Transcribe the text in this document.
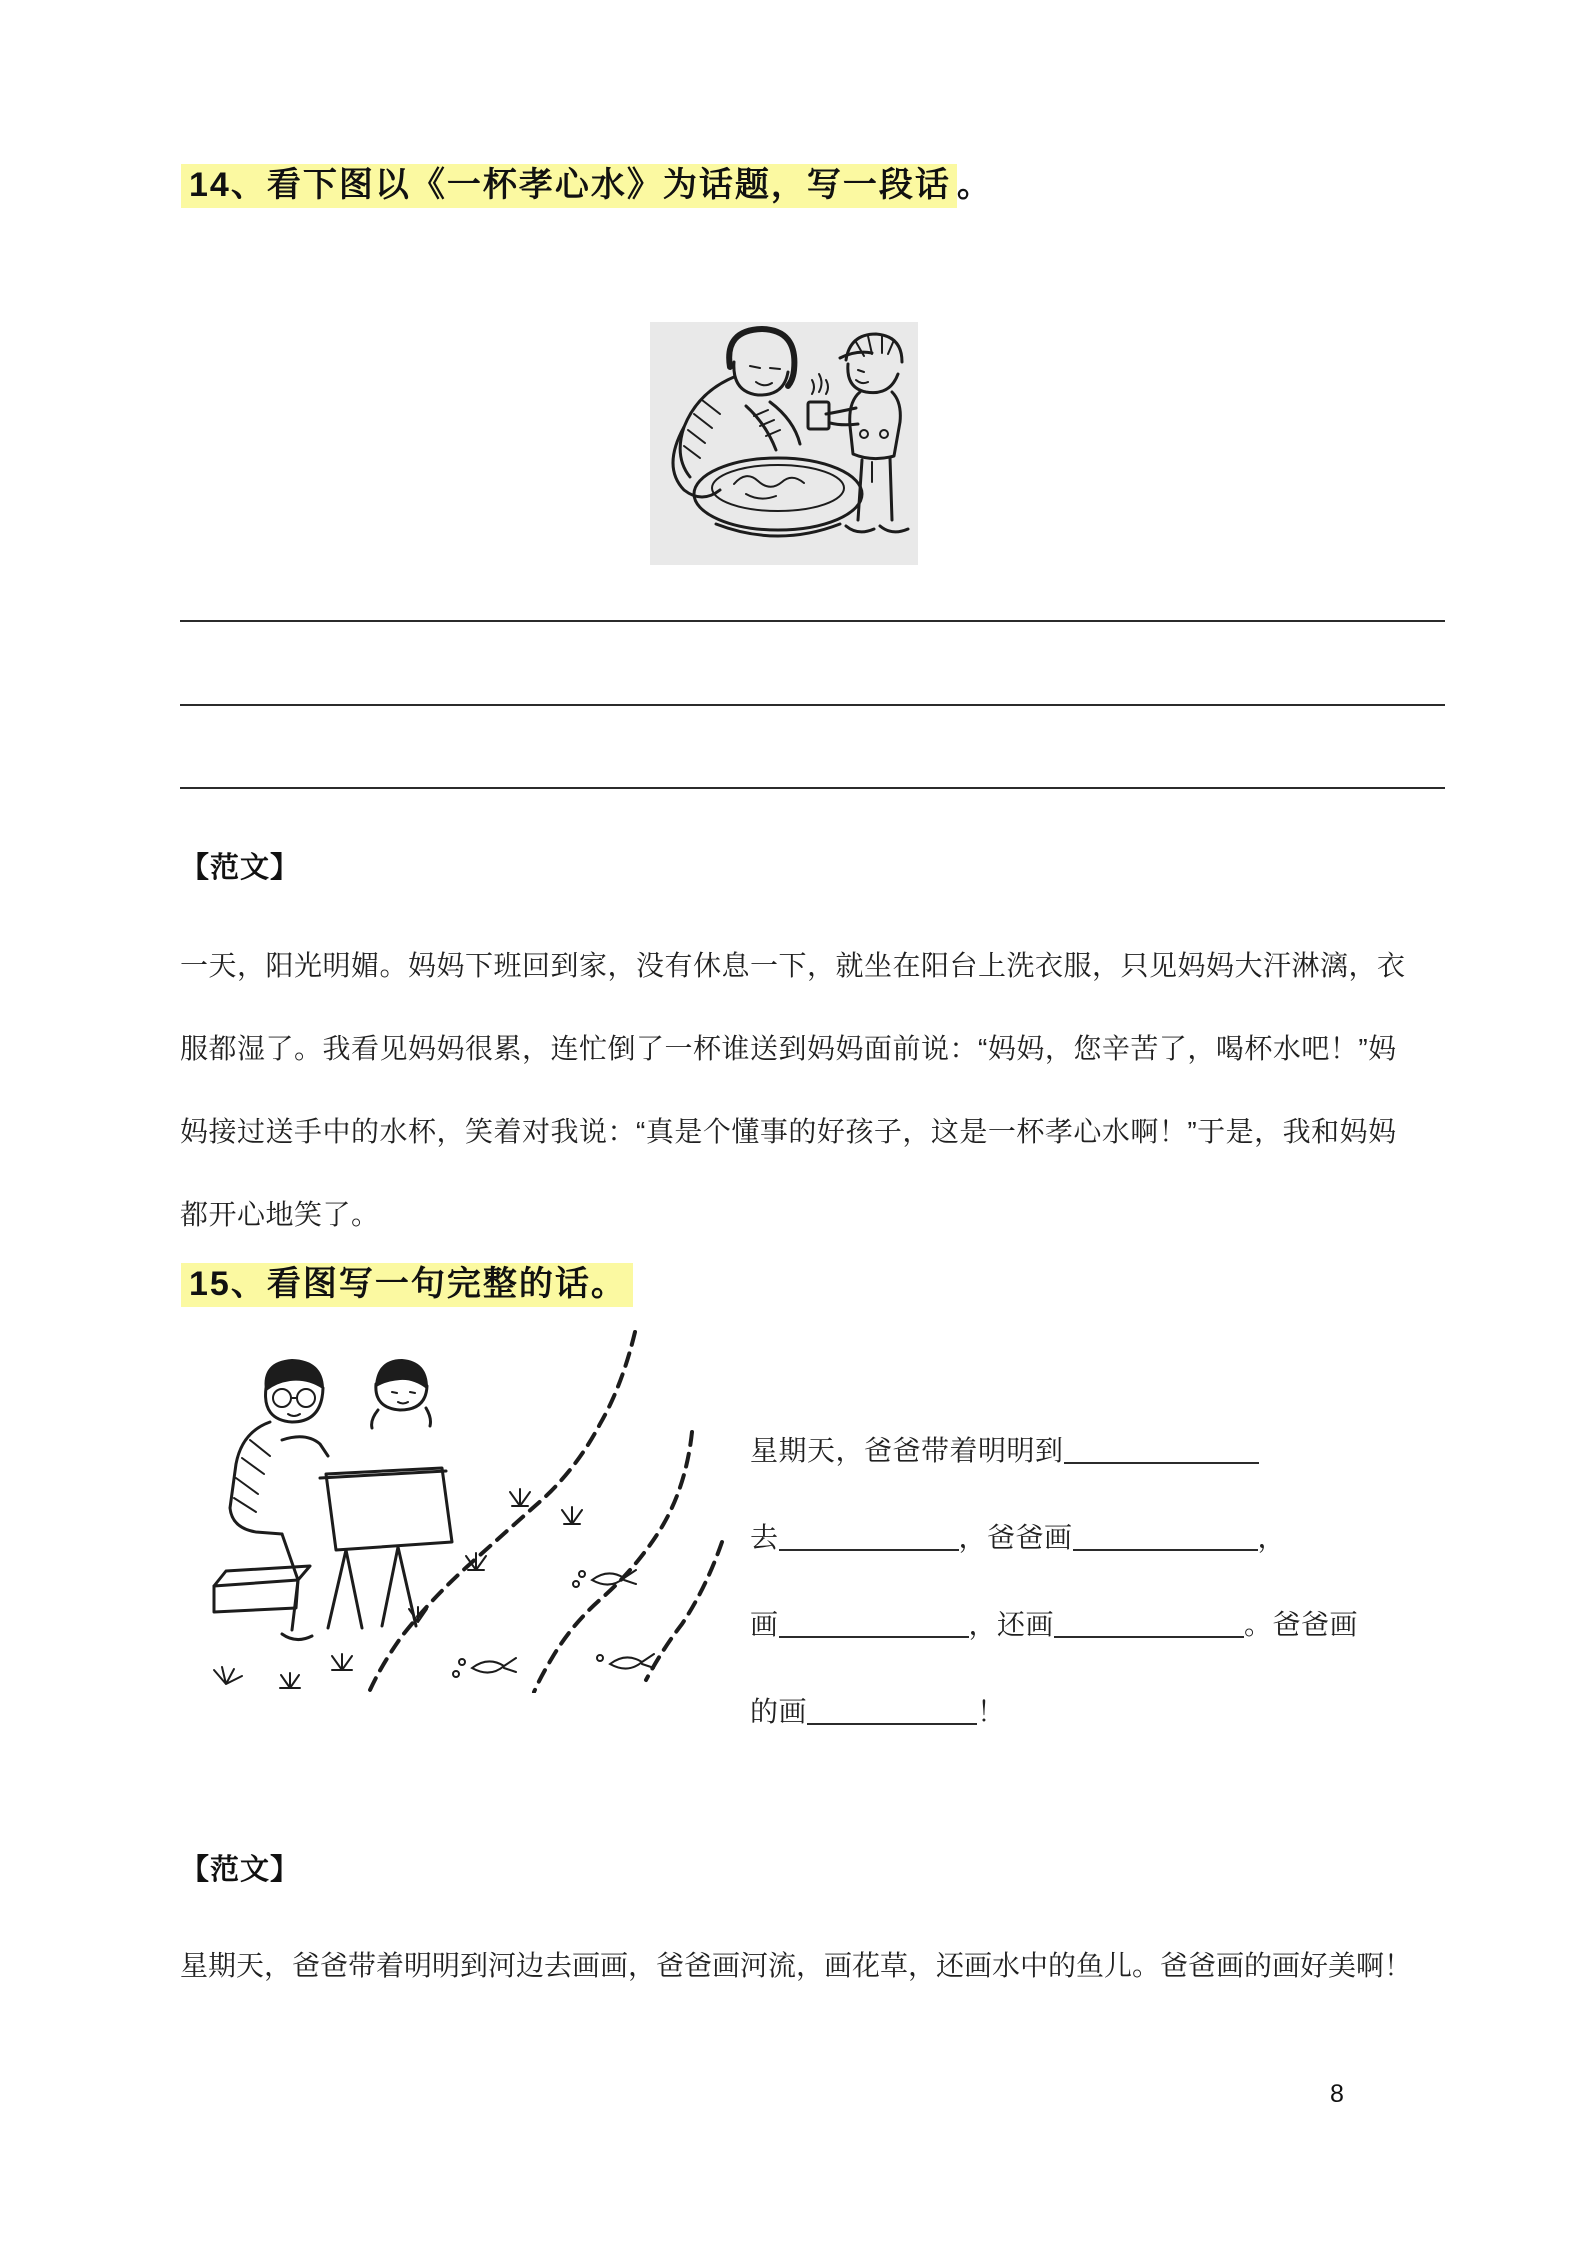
14、看下图以《一杯孝心水》为话题，写一段话 。
【范文】
一天，阳光明媚。妈妈下班回到家，没有休息一下，就坐在阳台上洗衣服，只见妈妈大汗淋漓，衣
服都湿了。我看见妈妈很累，连忙倒了一杯谁送到妈妈面前说：“妈妈，您辛苦了，喝杯水吧！”妈
妈接过送手中的水杯，笑着对我说：“真是个懂事的好孩子，这是一杯孝心水啊！”于是，我和妈妈
都开心地笑了。
15、看图写一句完整的话。
星期天，爸爸带着明明到
去	，爸爸画	，
画	，还画	。爸爸画
的画	！
【范文】
星期天，爸爸带着明明到河边去画画，爸爸画河流，画花草，还画水中的鱼儿。爸爸画的画好美啊！
8
